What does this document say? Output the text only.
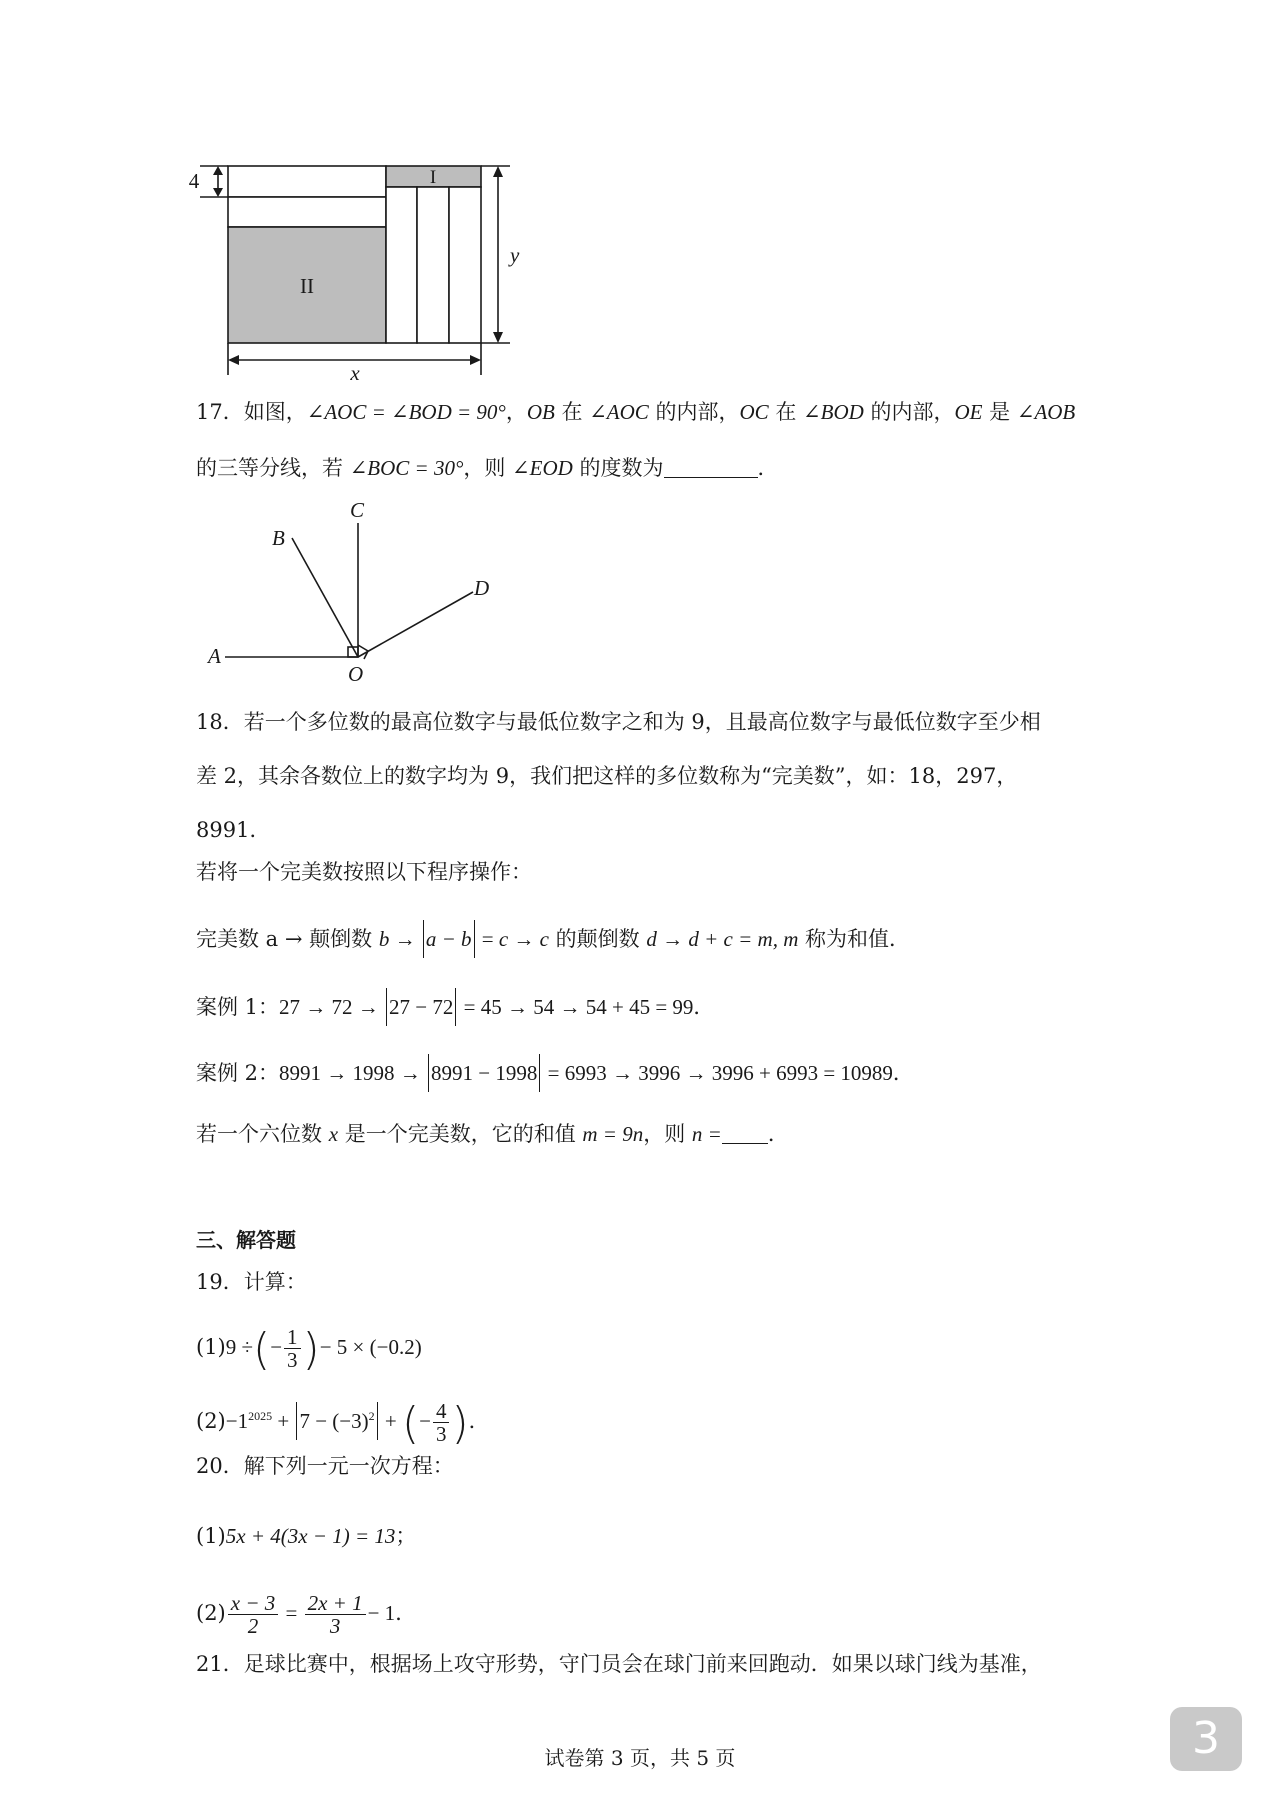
4	I
II
x
y
17．如图，∠AOC = ∠BOD = 90°，OB 在 ∠AOC 的内部，OC 在 ∠BOD 的内部，OE 是 ∠AOB
的三等分线，若 ∠BOC = 30°，则 ∠EOD 的度数为	．
A
B
C
D
O
18．若一个多位数的最高位数字与最低位数字之和为 9，且最高位数字与最低位数字至少相
差 2，其余各数位上的数字均为 9，我们把这样的多位数称为“完美数”，如：18，297，
8991．
若将一个完美数按照以下程序操作：
完美数 a → 颠倒数 b → a − b = c → c 的颠倒数 d → d + c = m, m 称为和值．
案例 1：27 → 72 → 27 − 72 = 45 → 54 → 54 + 45 = 99．
案例 2：8991 → 1998 → 8991 − 1998 = 6993 → 3996 → 3996 + 6993 = 10989．
若一个六位数 x 是一个完美数，它的和值 m = 9n，则 n = ．
三、解答题
19．计算：
(1)9 ÷(− $\frac{1}{3}$ )− 5 × (−0.2)
$(2)-1^{2025} + 7 - (-3)^2$ + (− $\frac{4}{3}$ )．
20．解下列一元一次方程：
(1)5x + 4(3x − 1) = 13；
$(2) \frac{x - 3}{2} = \frac{2x + 1}{3} - 1$．
21．足球比赛中，根据场上攻守形势，守门员会在球门前来回跑动．如果以球门线为基准，
试卷第 3 页，共 5 页	3
